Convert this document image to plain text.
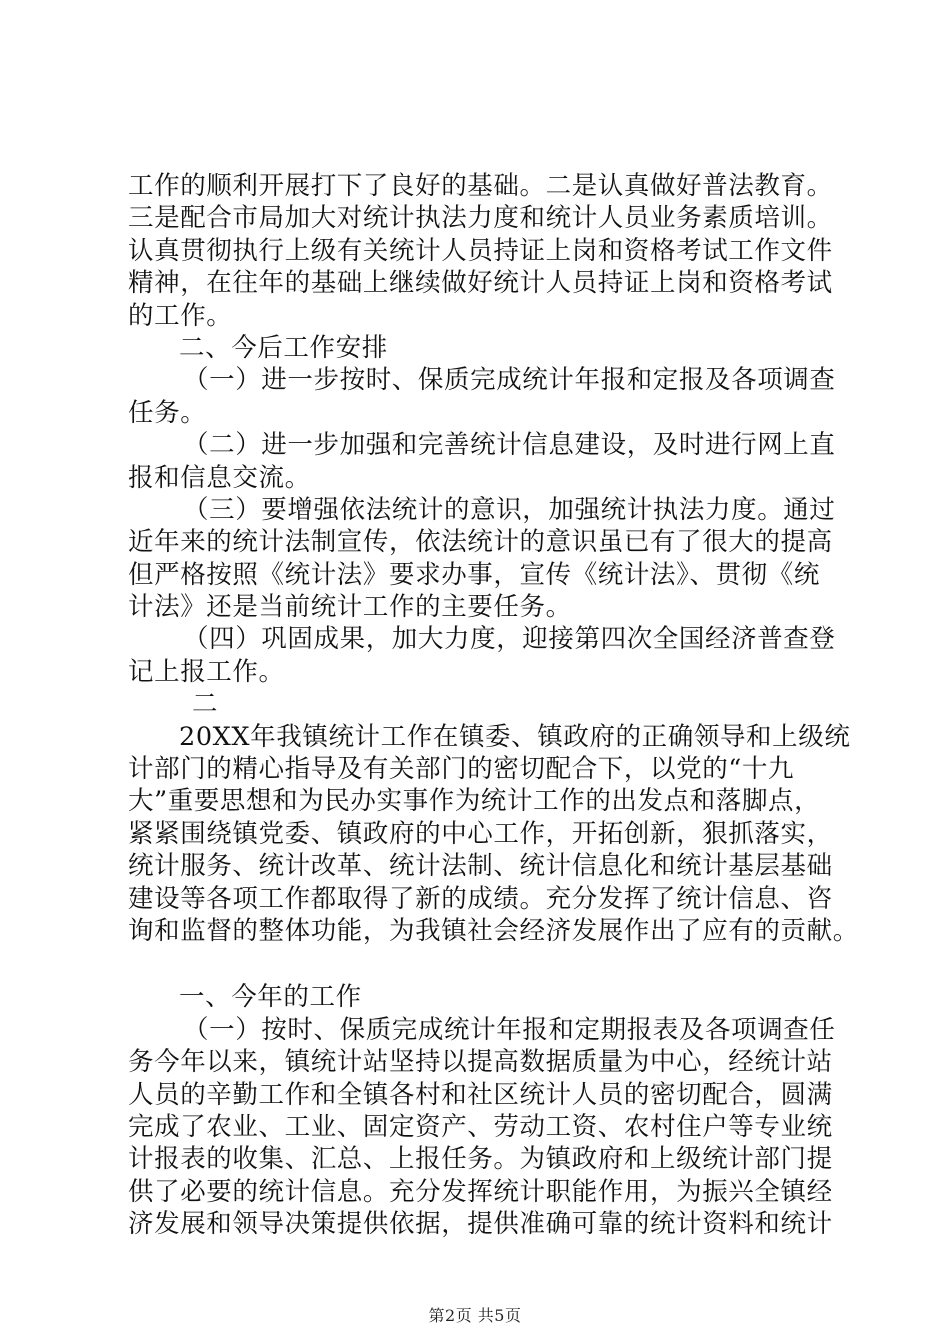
工作的顺利开展打下了良好的基础。二是认真做好普法教育。
三是配合市局加大对统计执法力度和统计人员业务素质培训。
认真贯彻执行上级有关统计人员持证上岗和资格考试工作文件
精神，在往年的基础上继续做好统计人员持证上岗和资格考试
的工作。
二、今后工作安排
（一）进一步按时、保质完成统计年报和定报及各项调查
任务。
（二）进一步加强和完善统计信息建设，及时进行网上直
报和信息交流。
（三）要增强依法统计的意识，加强统计执法力度。通过
近年来的统计法制宣传，依法统计的意识虽已有了很大的提高
但严格按照《统计法》要求办事，宣传《统计法》、贯彻《统
计法》还是当前统计工作的主要任务。
（四）巩固成果，加大力度，迎接第四次全国经济普查登
记上报工作。
二
20XX年我镇统计工作在镇委、镇政府的正确领导和上级统
计部门的精心指导及有关部门的密切配合下，以党的“十九
大”重要思想和为民办实事作为统计工作的出发点和落脚点，
紧紧围绕镇党委、镇政府的中心工作，开拓创新，狠抓落实，
统计服务、统计改革、统计法制、统计信息化和统计基层基础
建设等各项工作都取得了新的成绩。充分发挥了统计信息、咨
询和监督的整体功能，为我镇社会经济发展作出了应有的贡献。
一、今年的工作
（一）按时、保质完成统计年报和定期报表及各项调查任
务今年以来，镇统计站坚持以提高数据质量为中心，经统计站
人员的辛勤工作和全镇各村和社区统计人员的密切配合，圆满
完成了农业、工业、固定资产、劳动工资、农村住户等专业统
计报表的收集、汇总、上报任务。为镇政府和上级统计部门提
供了必要的统计信息。充分发挥统计职能作用，为振兴全镇经
济发展和领导决策提供依据，提供准确可靠的统计资料和统计
第2页 共5页
